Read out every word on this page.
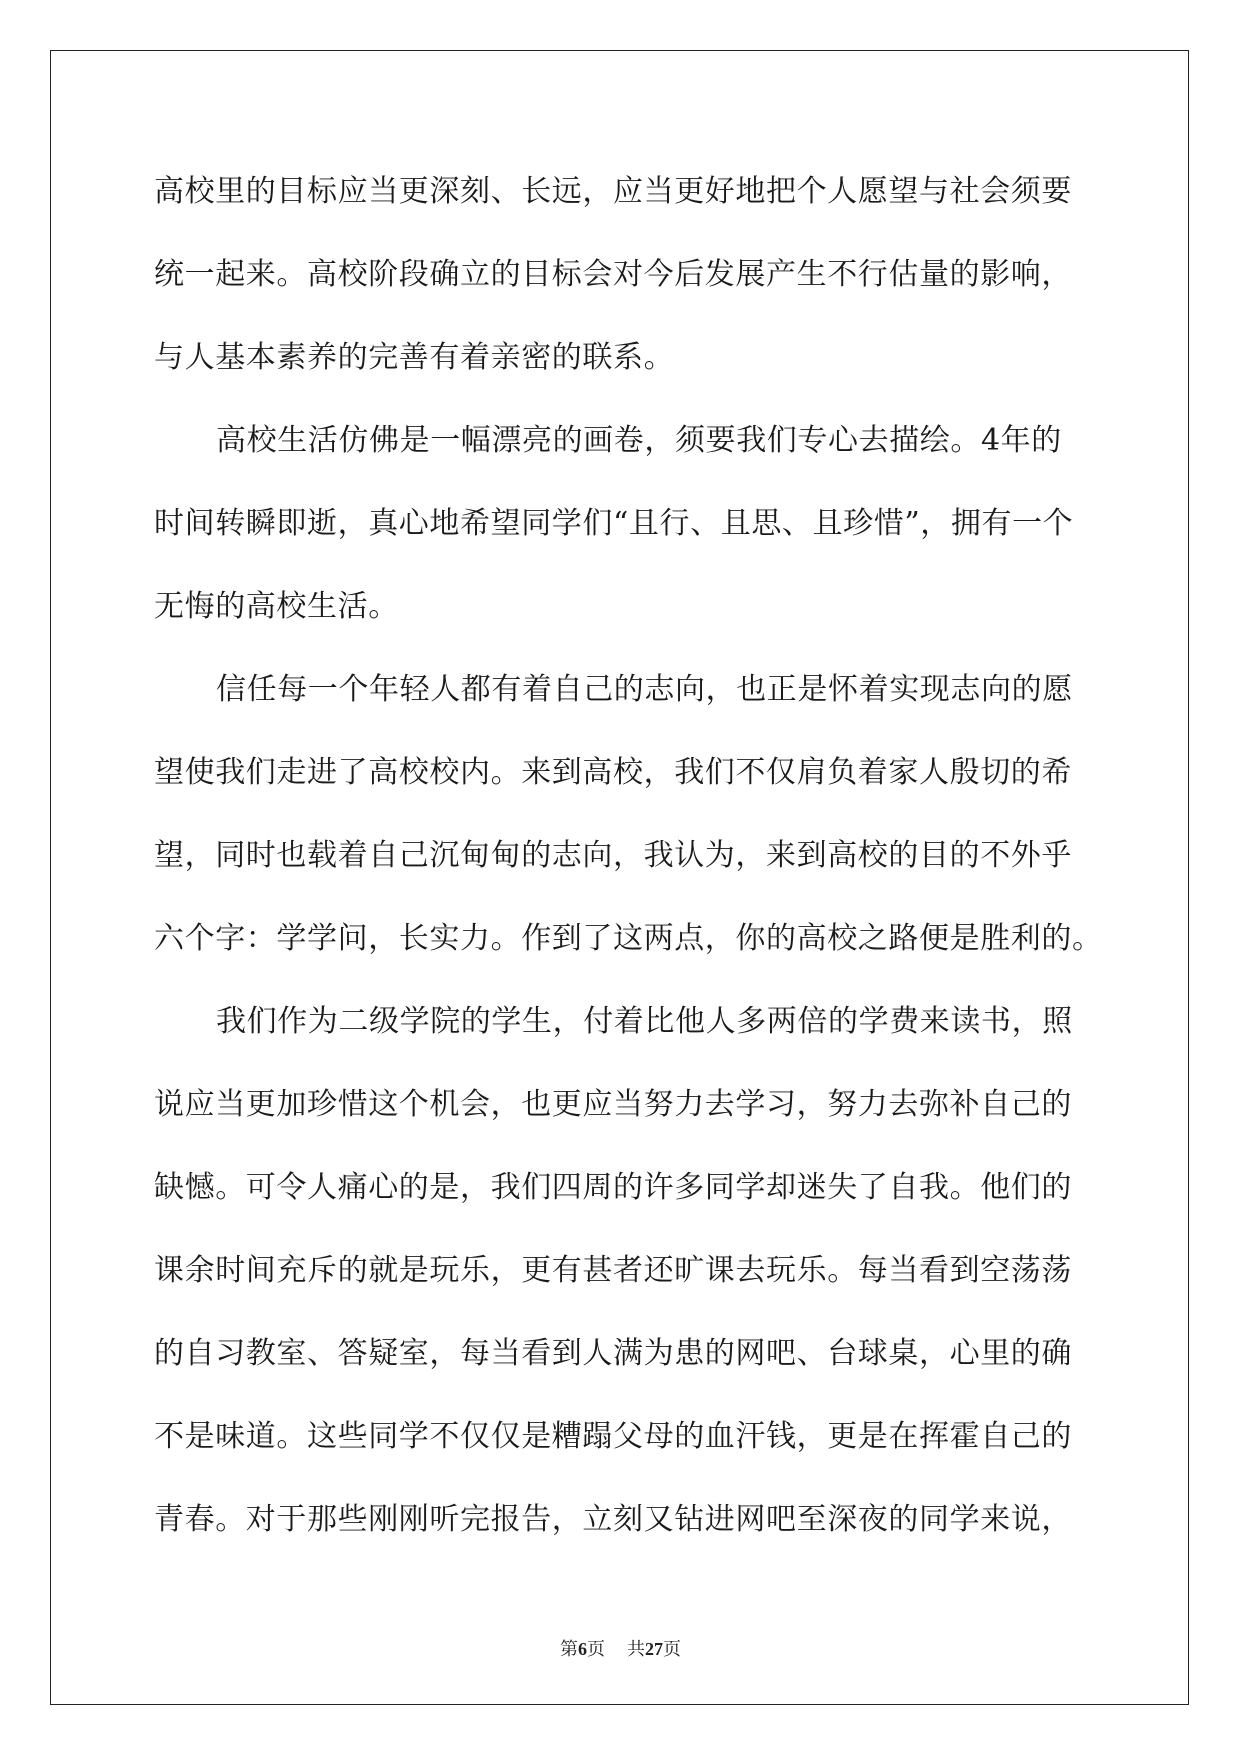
高校里的目标应当更深刻、长远，应当更好地把个人愿望与社会须要
统一起来。高校阶段确立的目标会对今后发展产生不行估量的影响，
与人基本素养的完善有着亲密的联系。
高校生活仿佛是一幅漂亮的画卷，须要我们专心去描绘。4年的
时间转瞬即逝，真心地希望同学们“且行、且思、且珍惜”，拥有一个
无悔的高校生活。
信任每一个年轻人都有着自己的志向，也正是怀着实现志向的愿
望使我们走进了高校校内。来到高校，我们不仅肩负着家人殷切的希
望，同时也载着自己沉甸甸的志向，我认为，来到高校的目的不外乎
六个字：学学问，长实力。作到了这两点，你的高校之路便是胜利的。
我们作为二级学院的学生，付着比他人多两倍的学费来读书，照
说应当更加珍惜这个机会，也更应当努力去学习，努力去弥补自己的
缺憾。可令人痛心的是，我们四周的许多同学却迷失了自我。他们的
课余时间充斥的就是玩乐，更有甚者还旷课去玩乐。每当看到空荡荡
的自习教室、答疑室，每当看到人满为患的网吧、台球桌，心里的确
不是味道。这些同学不仅仅是糟蹋父母的血汗钱，更是在挥霍自己的
青春。对于那些刚刚听完报告，立刻又钻进网吧至深夜的同学来说，
第6页 共27页
